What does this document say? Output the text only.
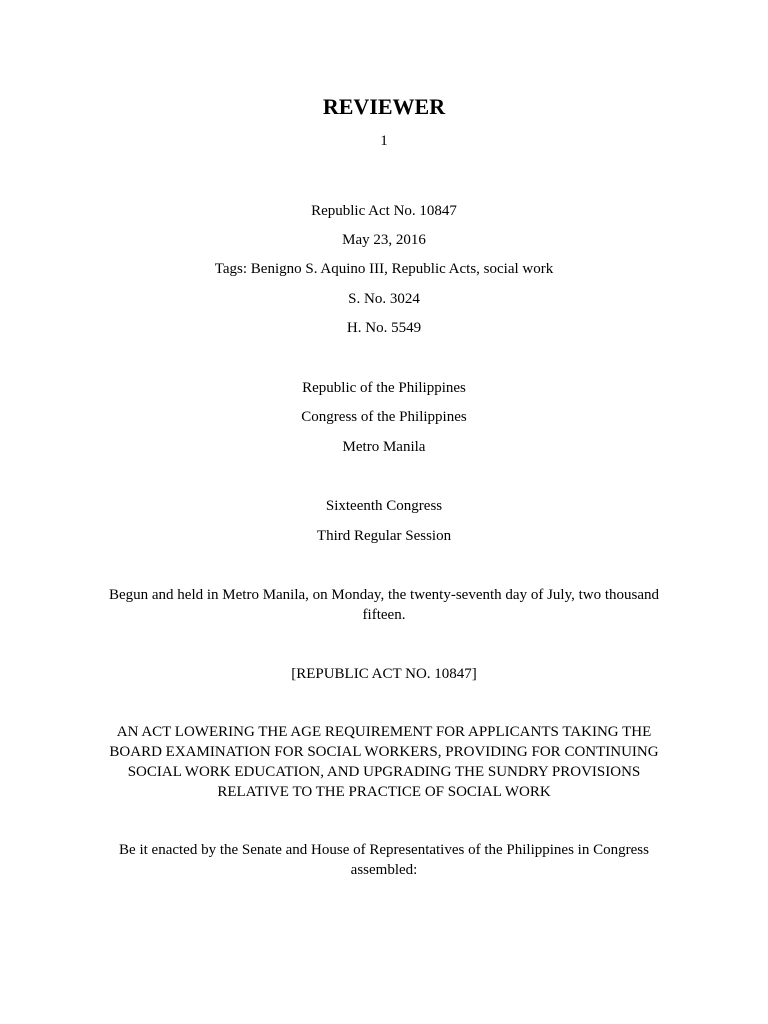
REVIEWER
1
Republic Act No. 10847
May 23, 2016
Tags: Benigno S. Aquino III, Republic Acts, social work
S. No. 3024
H. No. 5549
Republic of the Philippines
Congress of the Philippines
Metro Manila
Sixteenth Congress
Third Regular Session
Begun and held in Metro Manila, on Monday, the twenty-seventh day of July, two thousand fifteen.
[REPUBLIC ACT NO. 10847]
AN ACT LOWERING THE AGE REQUIREMENT FOR APPLICANTS TAKING THE BOARD EXAMINATION FOR SOCIAL WORKERS, PROVIDING FOR CONTINUING SOCIAL WORK EDUCATION, AND UPGRADING THE SUNDRY PROVISIONS RELATIVE TO THE PRACTICE OF SOCIAL WORK
Be it enacted by the Senate and House of Representatives of the Philippines in Congress assembled:
